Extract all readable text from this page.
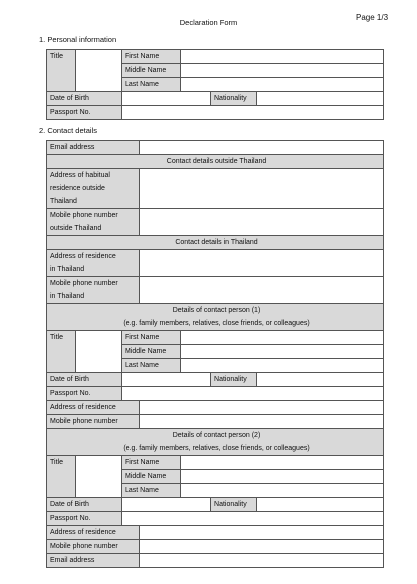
Page 1/3
Declaration Form
1. Personal information
Title		First Name			
		Middle Name			
		Last Name			
Date of Birth				Nationality	
Passport No.					
2. Contact details
Email address						
Contact details outside Thailand						

Address of habitual
residence outside
Thailand						

Mobile phone number
outside Thailand						

Contact details in Thailand						

Address of residence
in Thailand						

Mobile phone number
in Thailand						

Details of contact person (1)
(e.g. family members, relatives, close friends, or colleagues)						

Title		First Name				
		Middle Name				
		Last Name				
Date of Birth					Nationality	
Passport No.						
Address of residence						
Mobile phone number						

Details of contact person (2)
(e.g. family members, relatives, close friends, or colleagues)						

Title		First Name				
		Middle Name				
		Last Name				
Date of Birth					Nationality	
Passport No.						
Address of residence						
Mobile phone number						
Email address						
